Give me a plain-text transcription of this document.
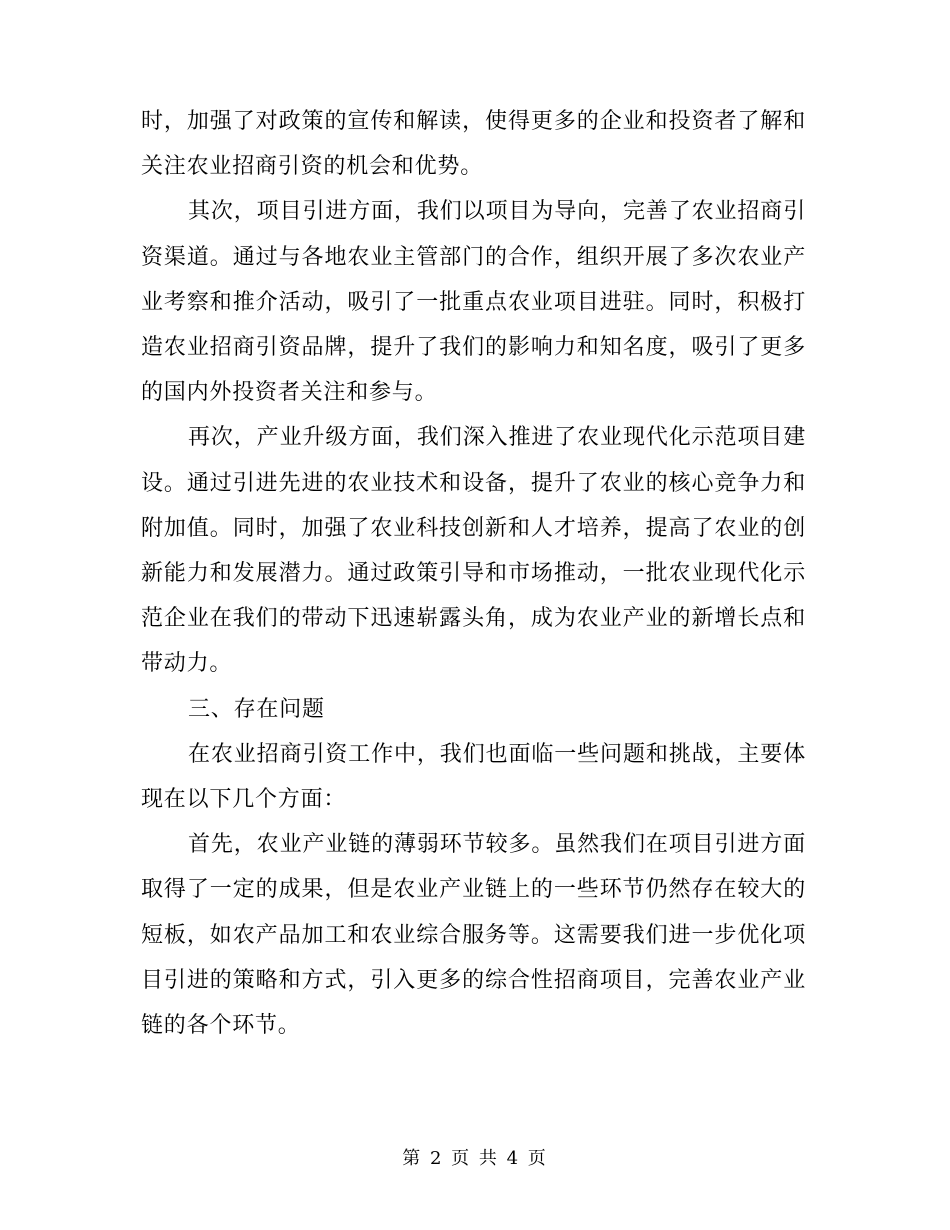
时，加强了对政策的宣传和解读，使得更多的企业和投资者了解和关注农业招商引资的机会和优势。

其次，项目引进方面，我们以项目为导向，完善了农业招商引资渠道。通过与各地农业主管部门的合作，组织开展了多次农业产业考察和推介活动，吸引了一批重点农业项目进驻。同时，积极打造农业招商引资品牌，提升了我们的影响力和知名度，吸引了更多的国内外投资者关注和参与。

再次，产业升级方面，我们深入推进了农业现代化示范项目建设。通过引进先进的农业技术和设备，提升了农业的核心竞争力和附加值。同时，加强了农业科技创新和人才培养，提高了农业的创新能力和发展潜力。通过政策引导和市场推动，一批农业现代化示范企业在我们的带动下迅速崭露头角，成为农业产业的新增长点和带动力。

三、存在问题

在农业招商引资工作中，我们也面临一些问题和挑战，主要体现在以下几个方面：

首先，农业产业链的薄弱环节较多。虽然我们在项目引进方面取得了一定的成果，但是农业产业链上的一些环节仍然存在较大的短板，如农产品加工和农业综合服务等。这需要我们进一步优化项目引进的策略和方式，引入更多的综合性招商项目，完善农业产业链的各个环节。

第 2 页 共 4 页
